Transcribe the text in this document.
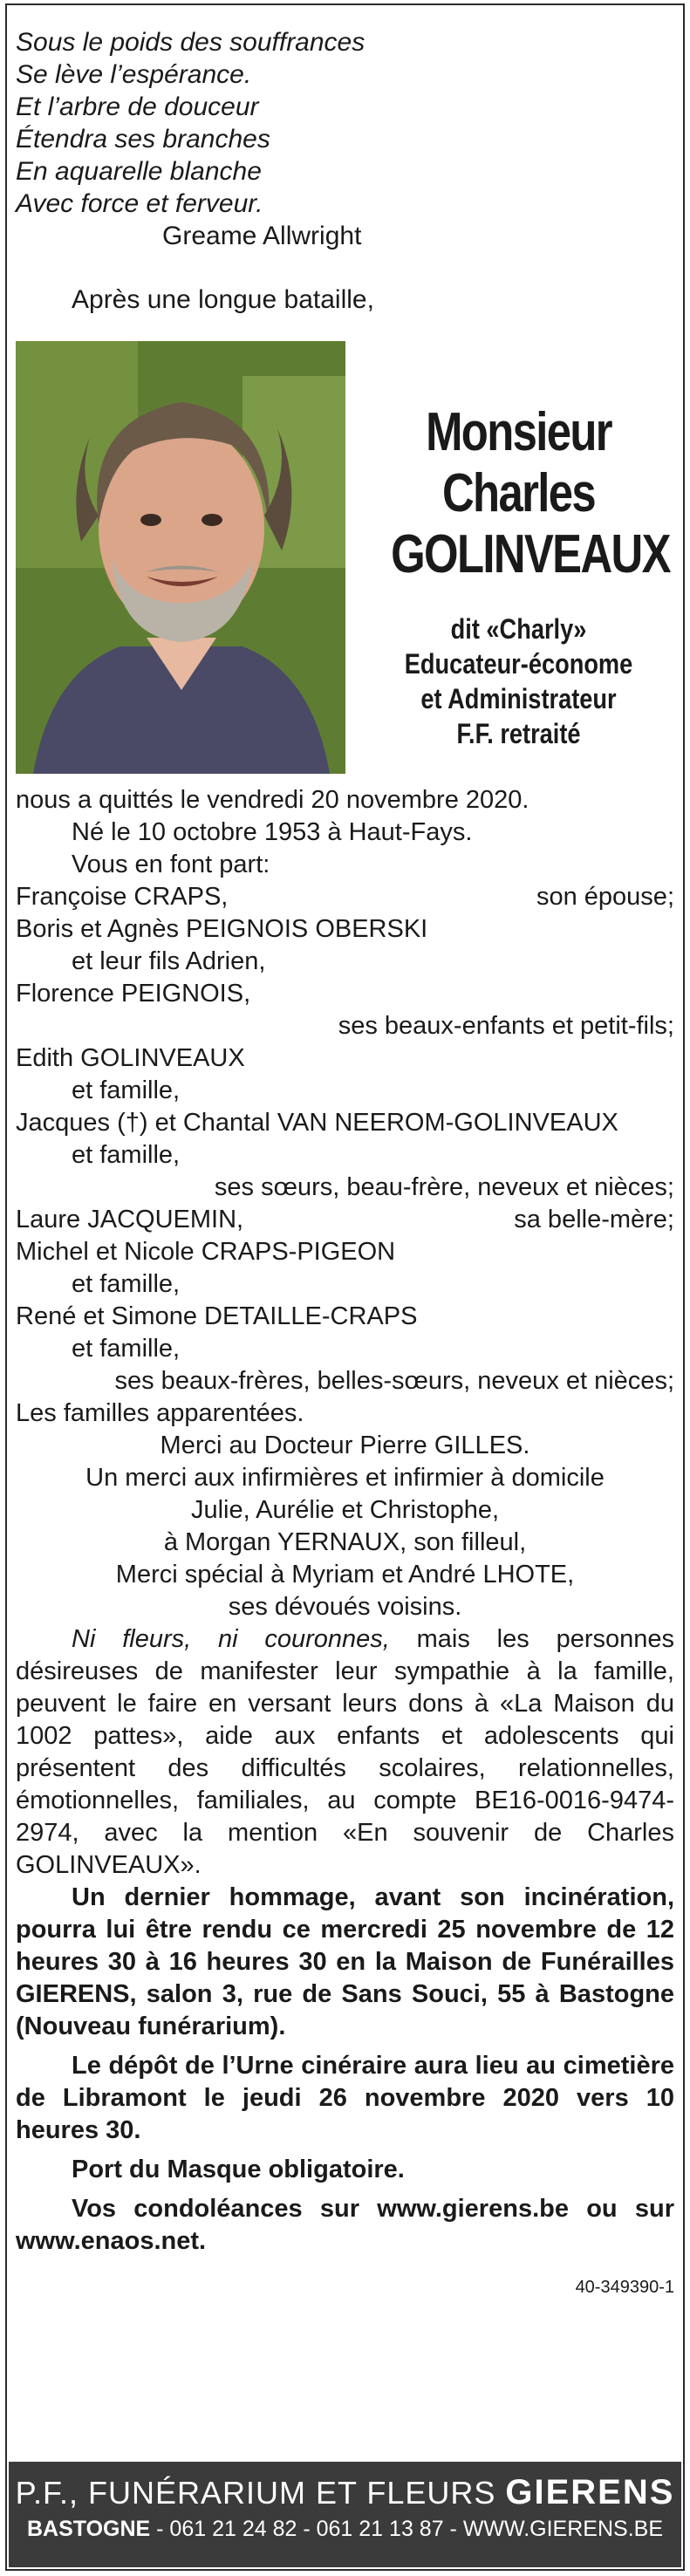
Sous le poids des souffrances
Se lève l’espérance.
Et l’arbre de douceur
Étendra ses branches
En aquarelle blanche
Avec force et ferveur.
Greame Allwright
Après une longue bataille,
Monsieur
Charles
GOLINVEAUX
dit «Charly»
Educateur-économe
et Administrateur
F.F. retraité
nous a quittés le vendredi 20 novembre 2020.
Né le 10 octobre 1953 à Haut-Fays.
Vous en font part:
Françoise CRAPS,	son épouse;
Boris et Agnès PEIGNOIS OBERSKI
et leur fils Adrien,
Florence PEIGNOIS,
ses beaux-enfants et petit-fils;
Edith GOLINVEAUX
et famille,
Jacques (†) et Chantal VAN NEEROM-GOLINVEAUX
et famille,
ses sœurs, beau-frère, neveux et nièces;
Laure JACQUEMIN,	sa belle-mère;
Michel et Nicole CRAPS-PIGEON
et famille,
René et Simone DETAILLE-CRAPS
et famille,
ses beaux-frères, belles-sœurs, neveux et nièces;
Les familles apparentées.
Merci au Docteur Pierre GILLES.
Un merci aux infirmières et infirmier à domicile
Julie, Aurélie et Christophe,
à Morgan YERNAUX, son filleul,
Merci spécial à Myriam et André LHOTE,
ses dévoués voisins.
Ni fleurs, ni couronnes, mais les personnes désireuses de manifester leur sympathie à la famille, peuvent le faire en versant leurs dons à «La Maison du 1002 pattes», aide aux enfants et adolescents qui présentent des difficultés scolaires, relationnelles, émotionnelles, familiales, au compte BE16-0016-9474-2974, avec la mention «En souvenir de Charles GOLINVEAUX».
Un dernier hommage, avant son incinération, pourra lui être rendu ce mercredi 25 novembre de 12 heures 30 à 16 heures 30 en la Maison de Funérailles GIERENS, salon 3, rue de Sans Souci, 55 à Bastogne (Nouveau funérarium).
Le dépôt de l’Urne cinéraire aura lieu au cimetière de Libramont le jeudi 26 novembre 2020 vers 10 heures 30.
Port du Masque obligatoire.
Vos condoléances sur www.gierens.be ou sur www.enaos.net.
40-349390-1
P.F., FUNÉRARIUM ET FLEURS GIERENS
BASTOGNE - 061 21 24 82 - 061 21 13 87 - WWW.GIERENS.BE
